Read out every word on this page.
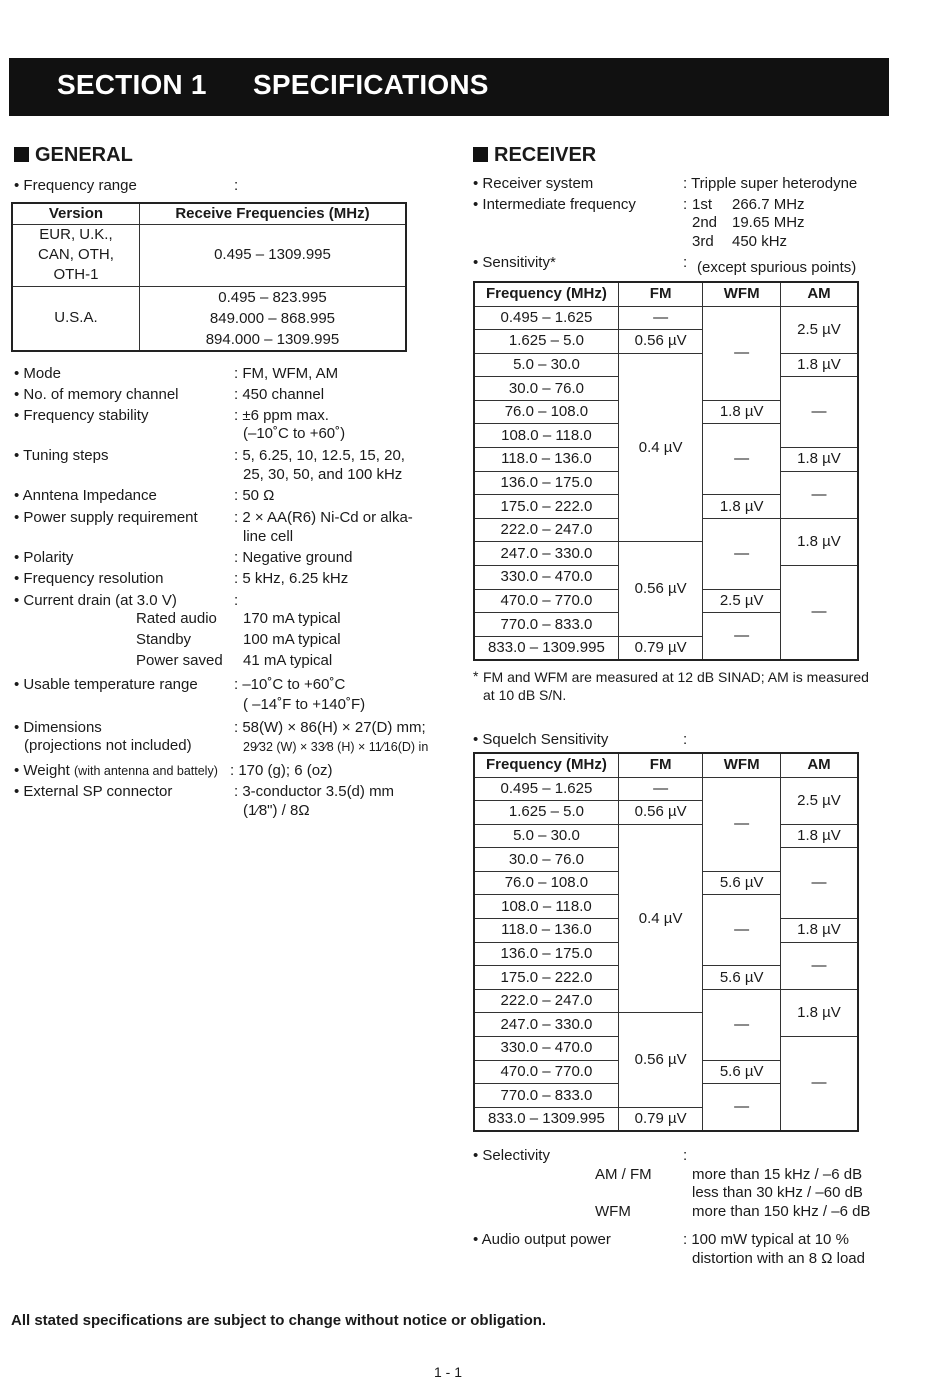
SECTION 1 SPECIFICATIONS
GENERAL
• Frequency range	:
Version	Receive Frequencies (MHz)

EUR, U.K.,
CAN, OTH,
OTH-1	0.495 – 1309.995
U.S.A.	0.495 – 823.995
849.000 – 868.995
894.000 – 1309.995
• Mode	: FM, WFM, AM
• No. of memory channel	: 450 channel
• Frequency stability	: ±6 ppm max.
(–10˚C to +60˚)
• Tuning steps	: 5, 6.25, 10, 12.5, 15, 20,
25, 30, 50, and 100 kHz
• Anntena Impedance	: 50 Ω
• Power supply requirement : 2 × AA(R6) Ni-Cd or alka-
line cell
• Polarity	: Negative ground
• Frequency resolution	: 5 kHz, 6.25 kHz
• Current drain (at 3.0 V)	:
Rated audio 170 mA typical
Standby	100 mA typical
Power saved 41 mA typical
• Usable temperature range : –10˚C to +60˚C
( –14˚F to +140˚F)
• Dimensions
(projections not included)
: 58(W) × 86(H) × 27(D) mm;
29⁄32 (W) × 33⁄8 (H) × 11⁄16(D) in
• Weight (with antenna and battely) : 170 (g); 6 (oz)
• External SP connector	: 3-conductor 3.5(d) mm
(1⁄8") / 8Ω
RECEIVER
• Receiver system	: Tripple super heterodyne
• Intermediate frequency	: 1st 266.7 MHz
2nd 19.65 MHz
3rd 450 kHz
• Sensitivity*	: (except spurious points)
Frequency (MHz)	FM	WFM	AM
0.495 – 1.625	—	—	2.5 µV
1.625 – 5.0	0.56 µV		
5.0 – 30.0	0.4 µV		1.8 µV
30.0 – 76.0			—
76.0 – 108.0		1.8 µV	
108.0 – 118.0		—	
118.0 – 136.0			1.8 µV
136.0 – 175.0			—
175.0 – 222.0		1.8 µV	
222.0 – 247.0		—	1.8 µV
247.0 – 330.0	0.56 µV		
330.0 – 470.0			—
470.0 – 770.0		2.5 µV	
770.0 – 833.0		—	
833.0 – 1309.995	0.79 µV		
* FM and WFM are measured at 12 dB SINAD; AM is measured
at 10 dB S/N.
• Squelch Sensitivity	:
Frequency (MHz)	FM	WFM	AM
0.495 – 1.625	—	—	2.5 µV
1.625 – 5.0	0.56 µV		
5.0 – 30.0	0.4 µV		1.8 µV
30.0 – 76.0			—
76.0 – 108.0		5.6 µV	
108.0 – 118.0		—	
118.0 – 136.0			1.8 µV
136.0 – 175.0			—
175.0 – 222.0		5.6 µV	
222.0 – 247.0		—	1.8 µV
247.0 – 330.0	0.56 µV		
330.0 – 470.0			—
470.0 – 770.0		5.6 µV	
770.0 – 833.0		—	
833.0 – 1309.995	0.79 µV		
• Selectivity	:
AM / FM	more than 15 kHz / –6 dB
less than 30 kHz / –60 dB
WFM	more than 150 kHz / –6 dB
• Audio output power	: 100 mW typical at 10 %
distortion with an 8 Ω load
All stated specifications are subject to change without notice or obligation.
1 - 1
